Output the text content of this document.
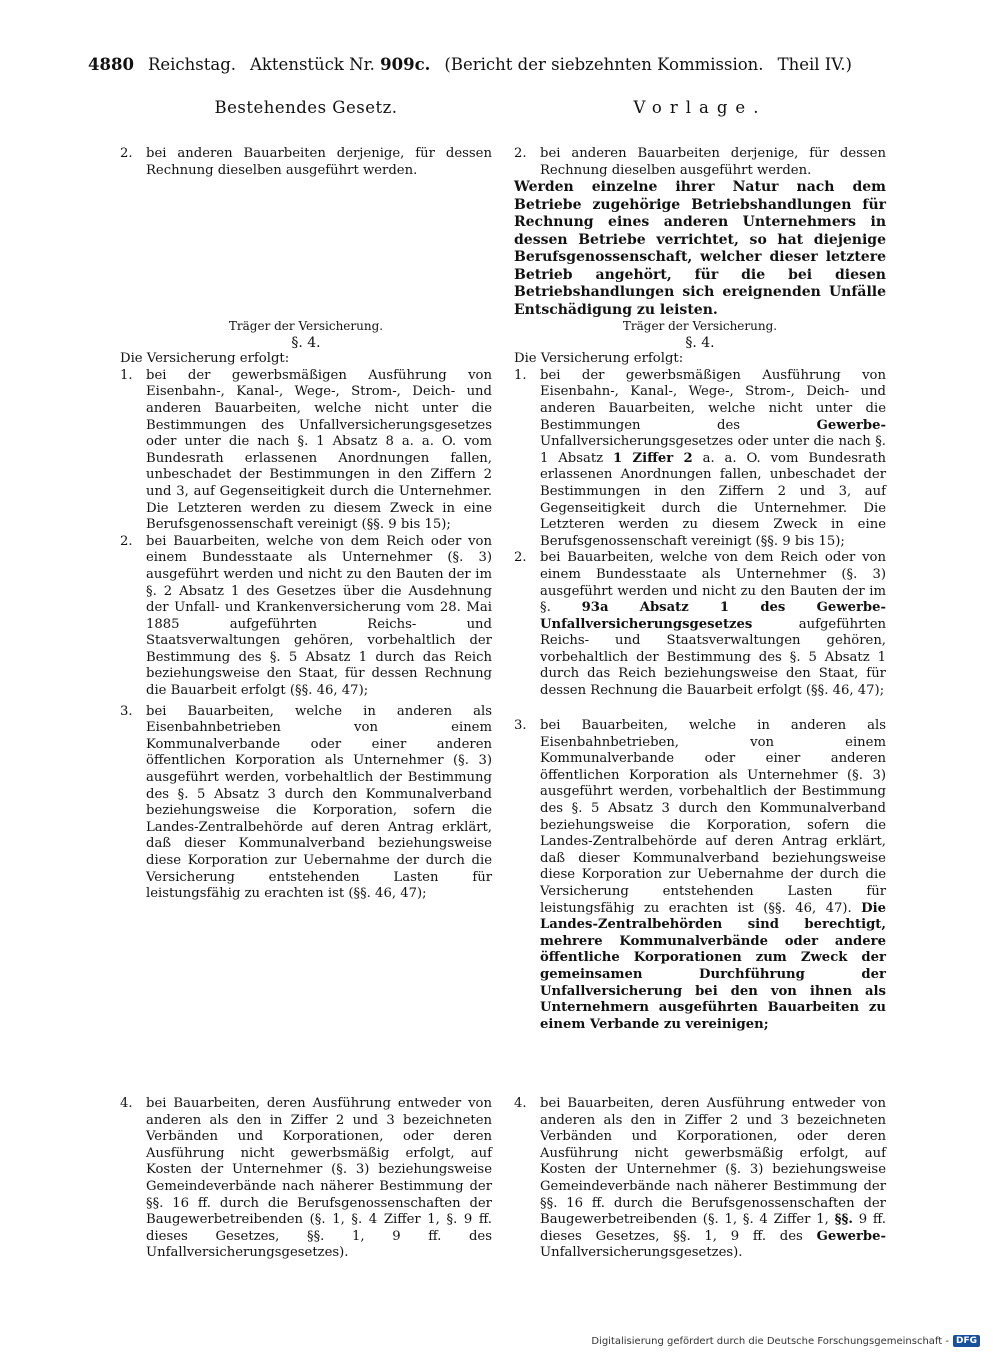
4880 Reichstag. Aktenstück Nr. 909c. (Bericht der siebzehnten Kommission. Theil IV.)
Bestehendes Gesetz.
2.	bei anderen Bauarbeiten derjenige, für dessen Rechnung dieselben ausgeführt werden.
Träger der Versicherung.
§. 4.

Die Versicherung erfolgt:

1.	bei der gewerbsmäßigen Ausführung von Eisenbahn-, Kanal-, Wege-, Strom-, Deich- und anderen Bauarbeiten, welche nicht unter die Bestimmungen des Unfallversicherungsgesetzes oder unter die nach §. 1 Absatz 8 a. a. O. vom Bundesrath erlassenen Anordnungen fallen, unbeschadet der Bestimmungen in den Ziffern 2 und 3, auf Gegenseitigkeit durch die Unternehmer. Die Letzteren werden zu diesem Zweck in eine Berufsgenossenschaft vereinigt (§§. 9 bis 15);
2.	bei Bauarbeiten, welche von dem Reich oder von einem Bundesstaate als Unternehmer (§. 3) ausgeführt werden und nicht zu den Bauten der im §. 2 Absatz 1 des Gesetzes über die Ausdehnung der Unfall- und Krankenversicherung vom 28. Mai 1885 aufgeführten Reichs- und Staatsverwaltungen gehören, vorbehaltlich der Bestimmung des §. 5 Absatz 1 durch das Reich beziehungsweise den Staat, für dessen Rechnung die Bauarbeit erfolgt (§§. 46, 47);
3.	bei Bauarbeiten, welche in anderen als Eisenbahnbetrieben von einem Kommunalverbande oder einer anderen öffentlichen Korporation als Unternehmer (§. 3) ausgeführt werden, vorbehaltlich der Bestimmung des §. 5 Absatz 3 durch den Kommunalverband beziehungsweise die Korporation, sofern die Landes-Zentralbehörde auf deren Antrag erklärt, daß dieser Kommunalverband beziehungsweise diese Korporation zur Uebernahme der durch die Versicherung entstehenden Lasten für leistungsfähig zu erachten ist (§§. 46, 47);
4.	bei Bauarbeiten, deren Ausführung entweder von anderen als den in Ziffer 2 und 3 bezeichneten Verbänden und Korporationen, oder deren Ausführung nicht gewerbsmäßig erfolgt, auf Kosten der Unternehmer (§. 3) beziehungsweise Gemeindeverbände nach näherer Bestimmung der §§. 16 ff. durch die Berufsgenossenschaften der Baugewerbetreibenden (§. 1, §. 4 Ziffer 1, §. 9 ff. dieses Gesetzes, §§. 1, 9 ff. des Unfallversicherungsgesetzes).
Vorlage.
2.	bei anderen Bauarbeiten derjenige, für dessen Rechnung dieselben ausgeführt werden.
Werden einzelne ihrer Natur nach dem Betriebe zugehörige Betriebshandlungen für Rechnung eines anderen Unternehmers in dessen Betriebe verrichtet, so hat diejenige Berufsgenossenschaft, welcher dieser letztere Betrieb angehört, für die bei diesen Betriebshandlungen sich ereignenden Unfälle Entschädigung zu leisten.
Träger der Versicherung.
§. 4.

Die Versicherung erfolgt:

1.	bei der gewerbsmäßigen Ausführung von Eisenbahn-, Kanal-, Wege-, Strom-, Deich- und anderen Bauarbeiten, welche nicht unter die Bestimmungen des Gewerbe-Unfallversicherungsgesetzes oder unter die nach §. 1 Absatz 1 Ziffer 2 a. a. O. vom Bundesrath erlassenen Anordnungen fallen, unbeschadet der Bestimmungen in den Ziffern 2 und 3, auf Gegenseitigkeit durch die Unternehmer. Die Letzteren werden zu diesem Zweck in eine Berufsgenossenschaft vereinigt (§§. 9 bis 15);
2.	bei Bauarbeiten, welche von dem Reich oder von einem Bundesstaate als Unternehmer (§. 3) ausgeführt werden und nicht zu den Bauten der im §. 93a Absatz 1 des Gewerbe-Unfallversicherungsgesetzes aufgeführten Reichs- und Staatsverwaltungen gehören, vorbehaltlich der Bestimmung des §. 5 Absatz 1 durch das Reich beziehungsweise den Staat, für dessen Rechnung die Bauarbeit erfolgt (§§. 46, 47);
3.	bei Bauarbeiten, welche in anderen als Eisenbahnbetrieben, von einem Kommunalverbande oder einer anderen öffentlichen Korporation als Unternehmer (§. 3) ausgeführt werden, vorbehaltlich der Bestimmung des §. 5 Absatz 3 durch den Kommunalverband beziehungsweise die Korporation, sofern die Landes-Zentralbehörde auf deren Antrag erklärt, daß dieser Kommunalverband beziehungsweise diese Korporation zur Uebernahme der durch die Versicherung entstehenden Lasten für leistungsfähig zu erachten ist (§§. 46, 47). Die Landes-Zentralbehörden sind berechtigt, mehrere Kommunalverbände oder andere öffentliche Korporationen zum Zweck der gemeinsamen Durchführung der Unfallversicherung bei den von ihnen als Unternehmern ausgeführten Bauarbeiten zu einem Verbande zu vereinigen;
4.	bei Bauarbeiten, deren Ausführung entweder von anderen als den in Ziffer 2 und 3 bezeichneten Verbänden und Korporationen, oder deren Ausführung nicht gewerbsmäßig erfolgt, auf Kosten der Unternehmer (§. 3) beziehungsweise Gemeindeverbände nach näherer Bestimmung der §§. 16 ff. durch die Berufsgenossenschaften der Baugewerbetreibenden (§. 1, §. 4 Ziffer 1, §§. 9 ff. dieses Gesetzes, §§. 1, 9 ff. des Gewerbe-Unfallversicherungsgesetzes).
Digitalisierung gefördert durch die Deutsche Forschungsgemeinschaft - DFG
